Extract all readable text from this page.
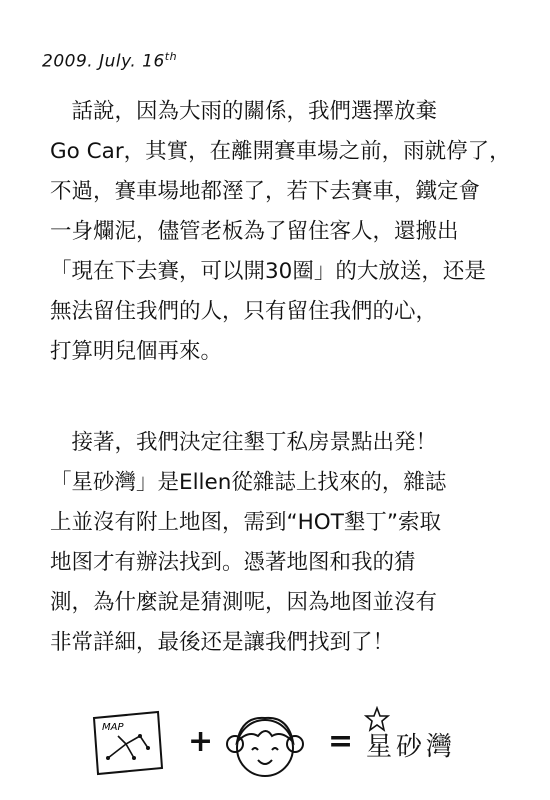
2009. July. 16th
　話說，因為大雨的關係，我們選擇放棄
Go Car，其實，在離開賽車場之前，雨就停了，
不過，賽車場地都溼了，若下去賽車，鐵定會
一身爛泥，儘管老板為了留住客人，還搬出
「現在下去賽，可以開30圈」的大放送，还是
無法留住我們的人，只有留住我們的心，
打算明兒個再來。
　接著，我們決定往墾丁私房景點出発！
「星砂灣」是Ellen從雜誌上找來的，雜誌
上並沒有附上地图，需到“HOT墾丁”索取
地图才有辦法找到。憑著地图和我的猜
測，為什麼說是猜測呢，因為地图並沒有
非常詳細，最後还是讓我們找到了！
MAP +	= 星砂灣
